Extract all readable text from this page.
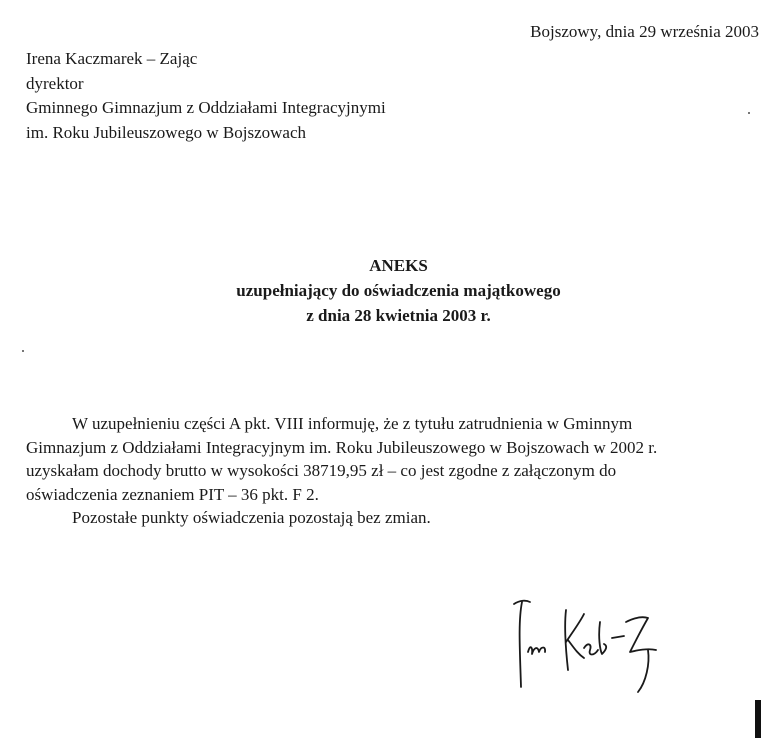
Bojszowy, dnia 29 września 2003
Irena Kaczmarek – Zając
dyrektor
Gminnego Gimnazjum z Oddziałami Integracyjnymi
im. Roku Jubileuszowego w Bojszowach
ANEKS
uzupełniający do oświadczenia majątkowego
z dnia 28 kwietnia 2003 r.
W uzupełnieniu części A pkt. VIII informuję, że z tytułu zatrudnienia w Gminnym
Gimnazjum z Oddziałami Integracyjnym im. Roku Jubileuszowego w Bojszowach w 2002 r.
uzyskałam dochody brutto w wysokości 38719,95 zł – co jest zgodne z załączonym do
oświadczenia zeznaniem PIT – 36 pkt. F 2.
Pozostałe punkty oświadczenia pozostają bez zmian.
